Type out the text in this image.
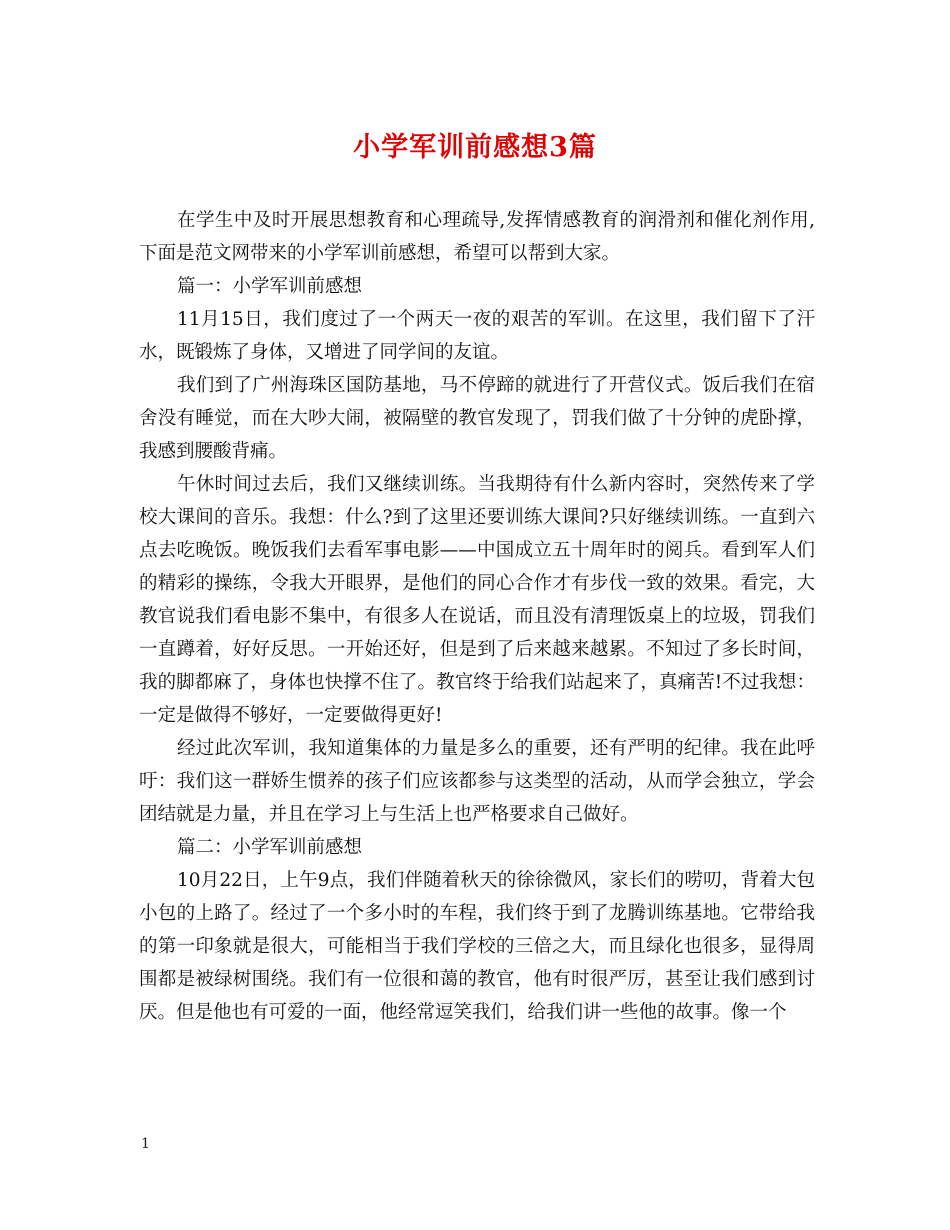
小学军训前感想3篇

在学生中及时开展思想教育和心理疏导,发挥情感教育的润滑剂和催化剂作用,下面是范文网带来的小学军训前感想，希望可以帮到大家。

篇一：小学军训前感想

11月15日，我们度过了一个两天一夜的艰苦的军训。在这里，我们留下了汗水，既锻炼了身体，又增进了同学间的友谊。

我们到了广州海珠区国防基地，马不停蹄的就进行了开营仪式。饭后我们在宿舍没有睡觉，而在大吵大闹，被隔壁的教官发现了，罚我们做了十分钟的虎卧撑，我感到腰酸背痛。

午休时间过去后，我们又继续训练。当我期待有什么新内容时，突然传来了学校大课间的音乐。我想：什么?到了这里还要训练大课间?只好继续训练。一直到六点去吃晚饭。晚饭我们去看军事电影——中国成立五十周年时的阅兵。看到军人们的精彩的操练，令我大开眼界，是他们的同心合作才有步伐一致的效果。看完，大教官说我们看电影不集中，有很多人在说话，而且没有清理饭桌上的垃圾，罚我们一直蹲着，好好反思。一开始还好，但是到了后来越来越累。不知过了多长时间，我的脚都麻了，身体也快撑不住了。教官终于给我们站起来了，真痛苦!不过我想：一定是做得不够好，一定要做得更好!

经过此次军训，我知道集体的力量是多么的重要，还有严明的纪律。我在此呼吁：我们这一群娇生惯养的孩子们应该都参与这类型的活动，从而学会独立，学会团结就是力量，并且在学习上与生活上也严格要求自己做好。

篇二：小学军训前感想

10月22日，上午9点，我们伴随着秋天的徐徐微风，家长们的唠叨，背着大包小包的上路了。经过了一个多小时的车程，我们终于到了龙腾训练基地。它带给我的第一印象就是很大，可能相当于我们学校的三倍之大，而且绿化也很多，显得周围都是被绿树围绕。我们有一位很和蔼的教官，他有时很严厉，甚至让我们感到讨厌。但是他也有可爱的一面，他经常逗笑我们，给我们讲一些他的故事。像一个

1
